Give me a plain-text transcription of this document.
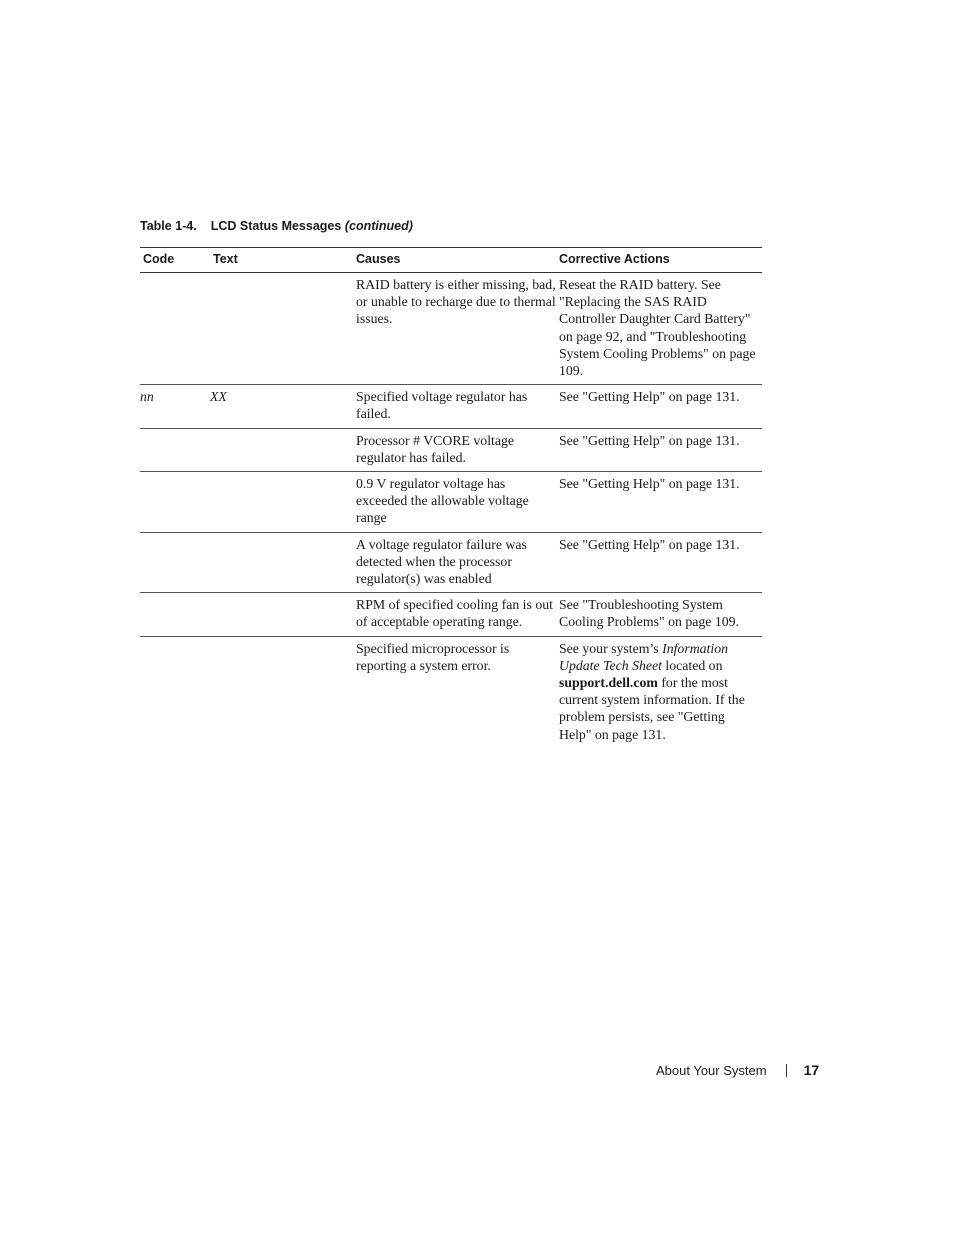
Table 1-4. LCD Status Messages (continued)
Code	Text	Causes	Corrective Actions
		RAID battery is either missing, bad, or unable to recharge due to thermal issues.	Reseat the RAID battery. See "Replacing the SAS RAID Controller Daughter Card Battery" on page 92, and "Troubleshooting System Cooling Problems" on page 109.
nn	XX	Specified voltage regulator has failed.	See "Getting Help" on page 131.
		Processor # VCORE voltage regulator has failed.	See "Getting Help" on page 131.
		0.9 V regulator voltage has exceeded the allowable voltage range	See "Getting Help" on page 131.
		A voltage regulator failure was detected when the processor regulator(s) was enabled	See "Getting Help" on page 131.
		RPM of specified cooling fan is out of acceptable operating range.	See "Troubleshooting System Cooling Problems" on page 109.
		Specified microprocessor is reporting a system error.	See your system’s Information Update Tech Sheet located on support.dell.com for the most current system information. If the problem persists, see "Getting Help" on page 131.
About Your System	17
